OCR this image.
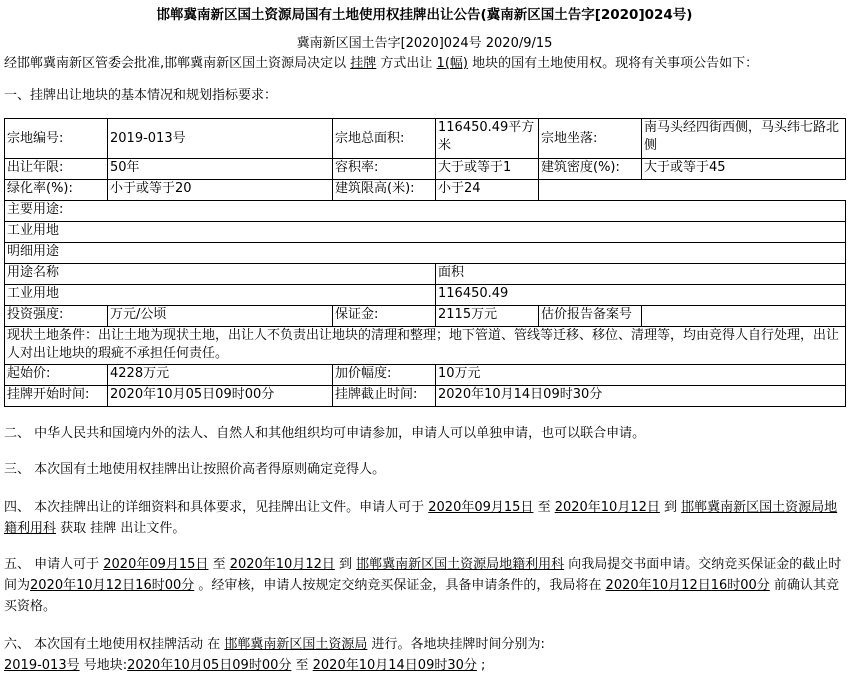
邯郸冀南新区国土资源局国有土地使用权挂牌出让公告(冀南新区国土告字[2020]024号)
冀南新区国土告字[2020]024号 2020/9/15
经邯郸冀南新区管委会批准,邯郸冀南新区国土资源局决定以 挂牌 方式出让 1(幅) 地块的国有土地使用权。现将有关事项公告如下：
一、挂牌出让地块的基本情况和规划指标要求：
宗地编号:	2019-013号	宗地总面积:	116450.49平方米	宗地坐落:	南马头经四街西侧，马头纬七路北侧
出让年限:	50年	容积率:	大于或等于1	建筑密度(%):	大于或等于45
绿化率(%):	小于或等于20	建筑限高(米):	小于24		
主要用途:					
工业用地					
明细用途					
用途名称			面积		
工业用地			116450.49		
投资强度:	万元/公顷	保证金:	2115万元	估价报告备案号	
现状土地条件：出让土地为现状土地，出让人不负责出让地块的清理和整理；地下管道、管线等迁移、移位、清理等，均由竞得人自行处理，出让人对出让地块的瑕疵不承担任何责任。					
起始价:	4228万元	加价幅度:	10万元		
挂牌开始时间:	2020年10月05日09时00分	挂牌截止时间:	2020年10月14日09时30分		
二、 中华人民共和国境内外的法人、自然人和其他组织均可申请参加，申请人可以单独申请，也可以联合申请。
三、 本次国有土地使用权挂牌出让按照价高者得原则确定竞得人。
四、 本次挂牌出让的详细资料和具体要求，见挂牌出让文件。申请人可于 2020年09月15日 至 2020年10月12日 到 邯郸冀南新区国土资源局地籍利用科 获取 挂牌 出让文件。
五、 申请人可于 2020年09月15日 至 2020年10月12日 到 邯郸冀南新区国土资源局地籍利用科 向我局提交书面申请。交纳竞买保证金的截止时间为2020年10月12日16时00分 。经审核，申请人按规定交纳竞买保证金，具备申请条件的，我局将在 2020年10月12日16时00分 前确认其竞买资格。
六、 本次国有土地使用权挂牌活动 在 邯郸冀南新区国土资源局 进行。各地块挂牌时间分别为:
2019-013号 号地块:2020年10月05日09时00分 至 2020年10月14日09时30分 ;
